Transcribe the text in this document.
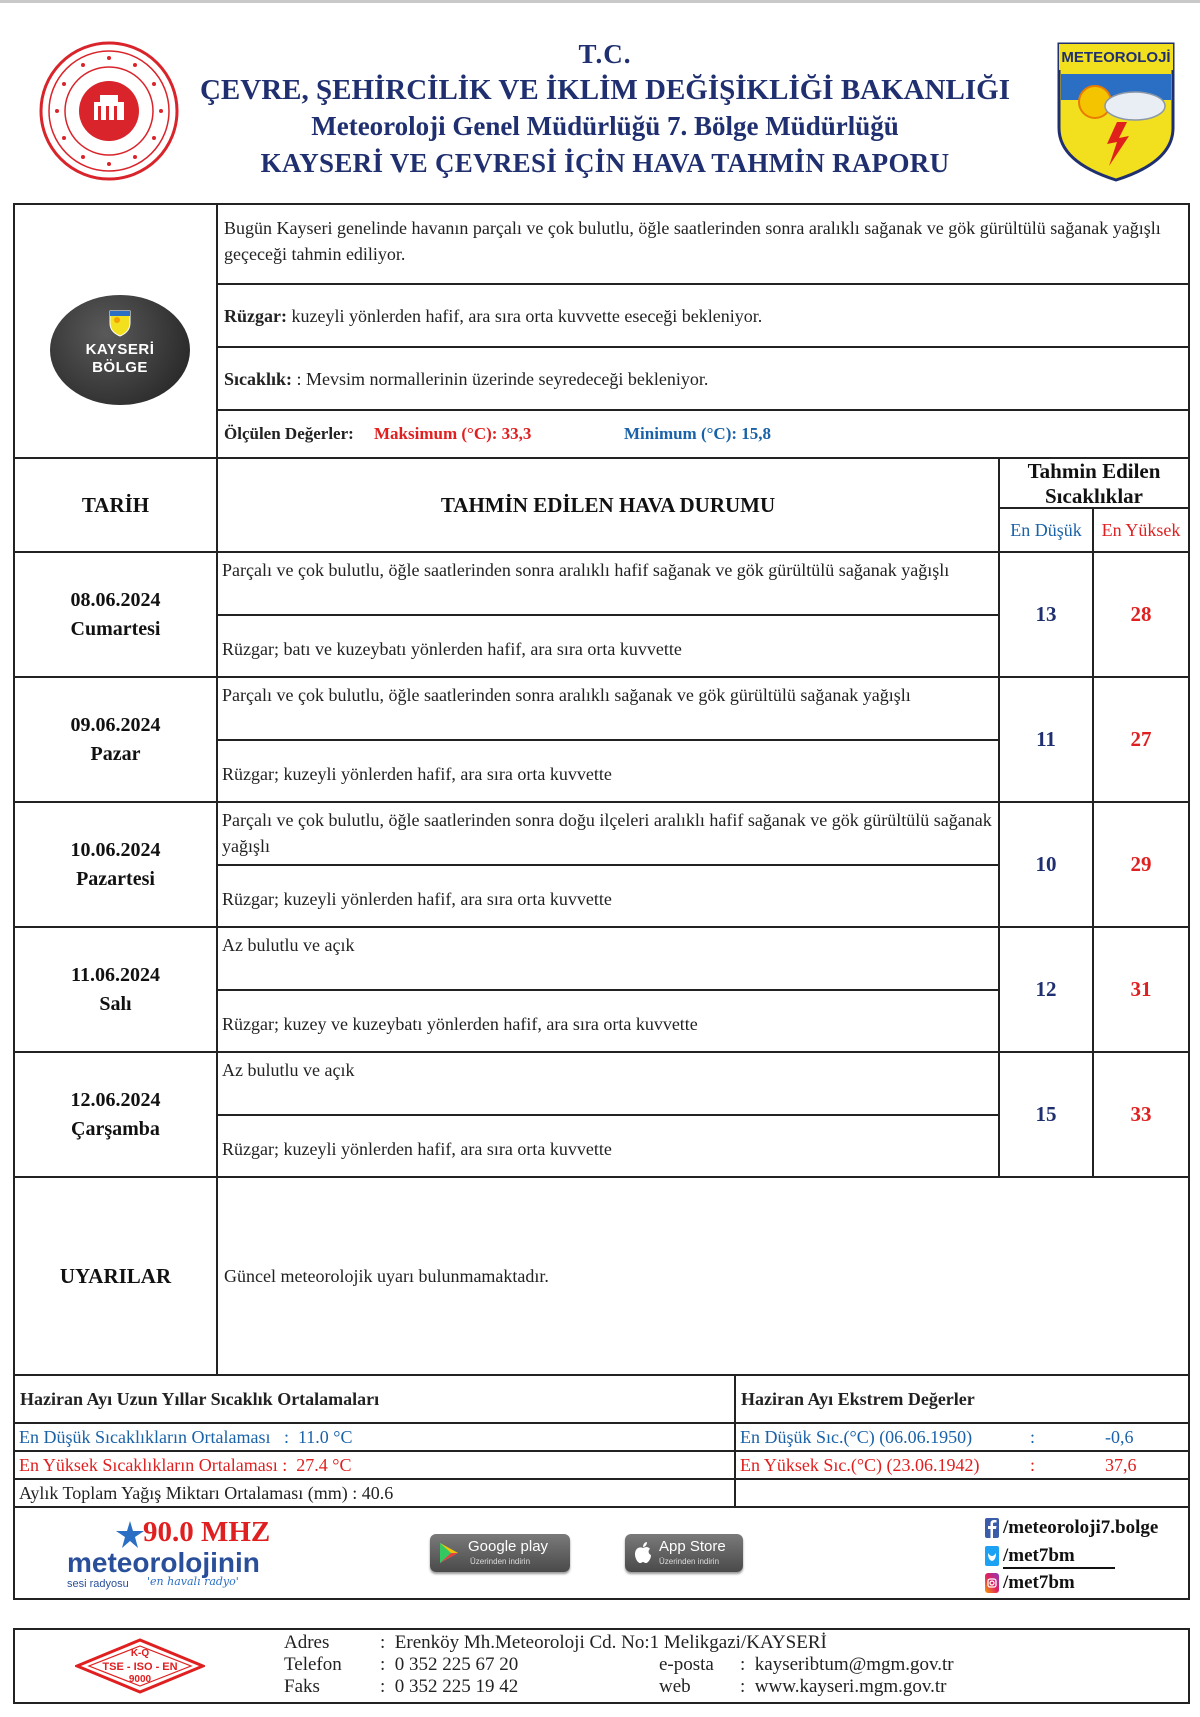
T.C.
ÇEVRE, ŞEHİRCİLİK VE İKLİM DEĞİŞİKLİĞİ BAKANLIĞI
Meteoroloji Genel Müdürlüğü 7. Bölge Müdürlüğü
KAYSERİ VE ÇEVRESİ İÇİN HAVA TAHMİN RAPORU
METEOROLOJİ
KAYSERİ
BÖLGE
Bugün Kayseri genelinde havanın parçalı ve çok bulutlu, öğle saatlerinden sonra aralıklı sağanak ve gök gürültülü sağanak yağışlı geçeceği tahmin ediliyor.
Rüzgar: kuzeyli yönlerden hafif, ara sıra orta kuvvette eseceği bekleniyor.
Sıcaklık: : Mevsim normallerinin üzerinde seyredeceği bekleniyor.
Ölçülen Değerler:	Maksimum (°C): 33,3	Minimum (°C): 15,8
TARİH	TAHMİN EDİLEN HAVA DURUMU
Tahmin Edilen
Sıcaklıklar
En Düşük En Yüksek
08.06.2024
Cumartesi
Parçalı ve çok bulutlu, öğle saatlerinden sonra aralıklı hafif sağanak ve gök gürültülü sağanak yağışlı
Rüzgar; batı ve kuzeybatı yönlerden hafif, ara sıra orta kuvvette
13	28
09.06.2024
Pazar
Parçalı ve çok bulutlu, öğle saatlerinden sonra aralıklı sağanak ve gök gürültülü sağanak yağışlı
Rüzgar; kuzeyli yönlerden hafif, ara sıra orta kuvvette
11	27
10.06.2024
Pazartesi
Parçalı ve çok bulutlu, öğle saatlerinden sonra doğu ilçeleri aralıklı hafif sağanak ve gök gürültülü sağanak yağışlı
Rüzgar; kuzeyli yönlerden hafif, ara sıra orta kuvvette
10	29
11.06.2024
Salı
Az bulutlu ve açık
Rüzgar; kuzey ve kuzeybatı yönlerden hafif, ara sıra orta kuvvette
12	31
12.06.2024
Çarşamba
Az bulutlu ve açık
Rüzgar; kuzeyli yönlerden hafif, ara sıra orta kuvvette
15	33
UYARILAR	Güncel meteorolojik uyarı bulunmamaktadır.
Haziran Ayı Uzun Yıllar Sıcaklık Ortalamaları	Haziran Ayı Ekstrem Değerler
En Düşük Sıcaklıkların Ortalaması   :  11.0 °C	En Düşük Sıc.(°C) (06.06.1950)	:	-0,6
En Yüksek Sıcaklıkların Ortalaması :  27.4 °C	En Yüksek Sıc.(°C) (23.06.1942)	:	37,6
Aylık Toplam Yağış Miktarı Ortalaması (mm) : 40.6
90.0 MHZ
meteorolojinin
sesi radyosu 'en havalı radyo'
Google play
Üzerinden indirin
App Store
Üzerinden indirin
/meteoroloji7.bolge
/met7bm
/met7bm
K-Q
TSE - ISO - EN
9000
Adres	:  Erenköy Mh.Meteoroloji Cd. No:1 Melikgazi/KAYSERİ
Telefon :  0 352 225 67 20
Faks	:  0 352 225 19 42
e-posta :  kayseribtum@mgm.gov.tr
web	:  www.kayseri.mgm.gov.tr
